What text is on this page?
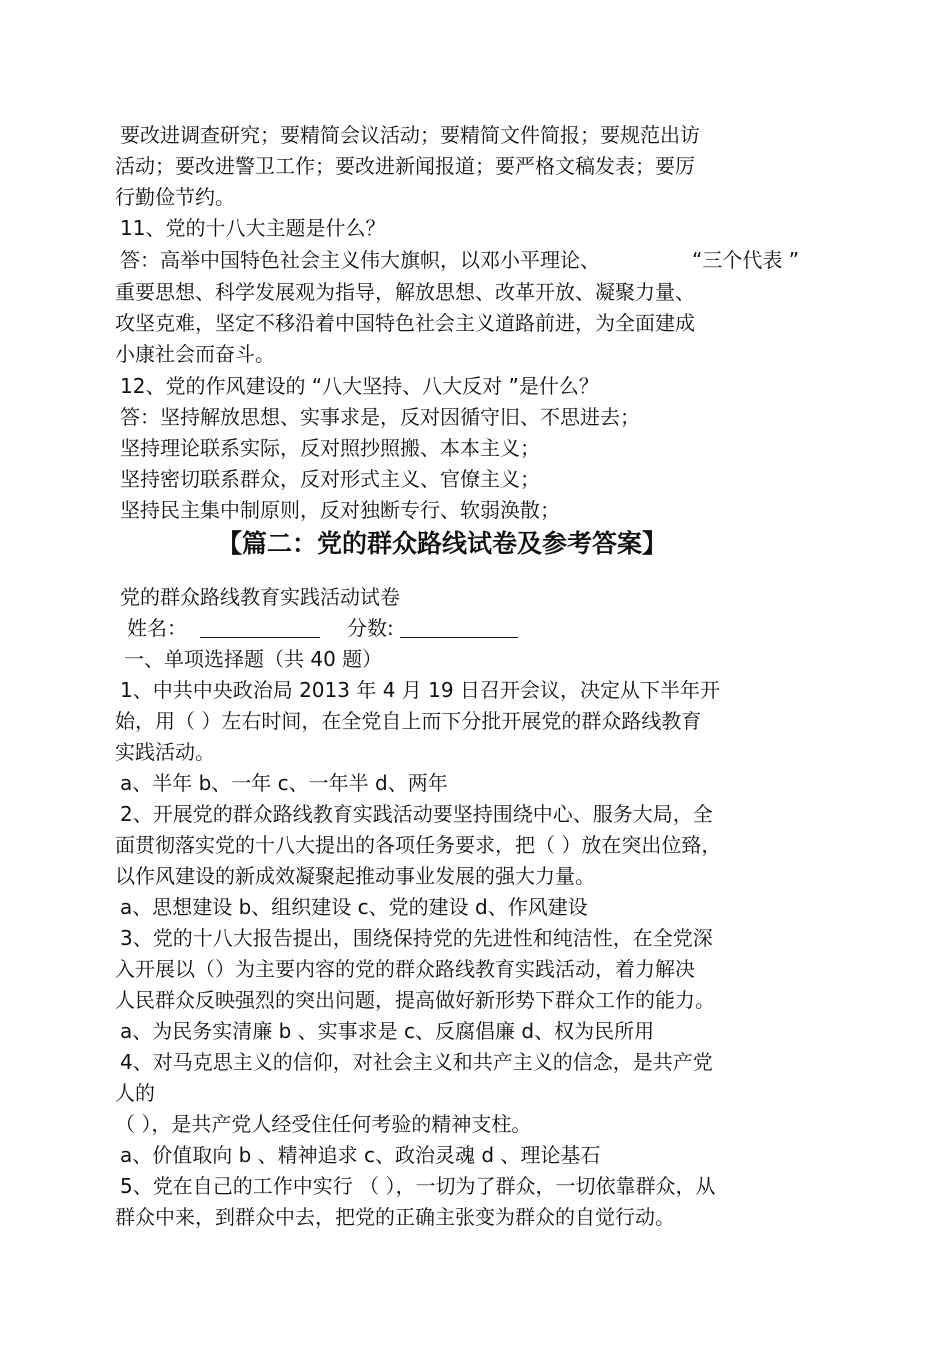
要改进调查研究；要精简会议活动；要精简文件简报；要规范出访
活动；要改进警卫工作；要改进新闻报道；要严格文稿发表；要厉
行勤俭节约。
11、党的十八大主题是什么？
答：高举中国特色社会主义伟大旗帜，以邓小平理论、	“三个代表 ”
重要思想、科学发展观为指导，解放思想、改革开放、凝聚力量、
攻坚克难，坚定不移沿着中国特色社会主义道路前进，为全面建成
小康社会而奋斗。
12、党的作风建设的 “八大坚持、八大反对 ”是什么？
答：坚持解放思想、实事求是，反对因循守旧、不思进去；
坚持理论联系实际，反对照抄照搬、本本主义；
坚持密切联系群众，反对形式主义、官僚主义；
坚持民主集中制原则，反对独断专行、软弱涣散；
【篇二：党的群众路线试卷及参考答案】
党的群众路线教育实践活动试卷
姓名：	分数:
一、单项选择题（共 40 题）
1、中共中央政治局 2013 年 4 月 19 日召开会议，决定从下半年开
始，用（ ）左右时间，在全党自上而下分批开展党的群众路线教育
实践活动。
a、半年 b、一年 c、一年半 d、两年
2、开展党的群众路线教育实践活动要坚持围绕中心、服务大局，全
面贯彻落实党的十八大提出的各项任务要求，把（ ）放在突出位臵，
以作风建设的新成效凝聚起推动事业发展的强大力量。
a、思想建设 b、组织建设 c、党的建设 d、作风建设
3、党的十八大报告提出，围绕保持党的先进性和纯洁性，在全党深
入开展以（）为主要内容的党的群众路线教育实践活动，着力解决
人民群众反映强烈的突出问题，提高做好新形势下群众工作的能力。
a、为民务实清廉 b 、实事求是 c、反腐倡廉 d、权为民所用
4、对马克思主义的信仰，对社会主义和共产主义的信念，是共产党
人的
（ ），是共产党人经受住任何考验的精神支柱。
a、价值取向 b 、精神追求 c、政治灵魂 d 、理论基石
5、党在自己的工作中实行 （ ），一切为了群众，一切依靠群众，从
群众中来，到群众中去，把党的正确主张变为群众的自觉行动。
